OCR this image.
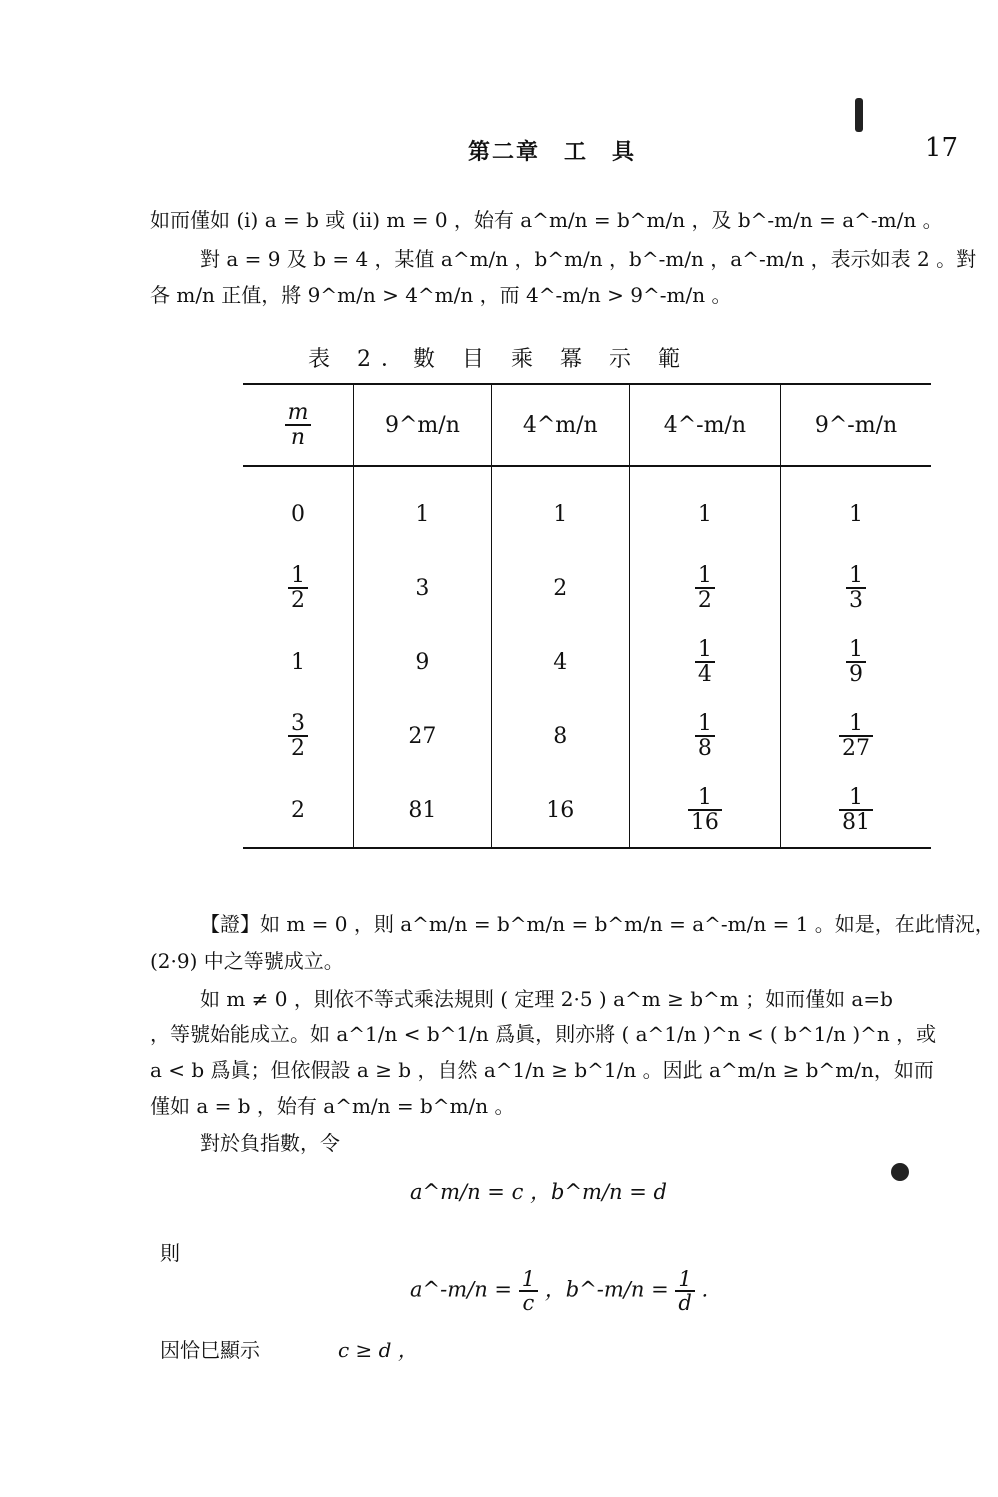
第二章　工　具	17
如而僅如 (i) a = b 或 (ii) m = 0 ，始有 a^m/n = b^m/n ，及 b^-m/n = a^-m/n 。
對 a = 9 及 b = 4 ，某值 a^m/n ，b^m/n ，b^-m/n ，a^-m/n ，表示如表 2 。對
各 m/n 正值，將 9^m/n > 4^m/n ，而 4^-m/n > 9^-m/n 。
表 2．數 目 乘 冪 示 範
$\frac{m}{n}$	9^m/n	4^m/n	4^-m/n	9^-m/n
0	1	1	1	1

$\frac{1}{2}$	3	2	$\frac{1}{2}$	$\frac{1}{3}$

1	9	4	$\frac{1}{4}$	$\frac{1}{9}$

$\frac{3}{2}$	27	8	$\frac{1}{8}$	$\frac{1}{27}$

2	81	16	$\frac{1}{16}$	$\frac{1}{81}$
【證】如 m = 0 ，則 a^m/n = b^m/n = b^m/n = a^-m/n = 1 。如是，在此情況，
(2·9) 中之等號成立。
如 m ≠ 0 ，則依不等式乘法規則 ( 定理 2·5 ) a^m ≥ b^m ；如而僅如 a=b
，等號始能成立。如 a^1/n < b^1/n 爲眞，則亦將 ( a^1/n )^n < ( b^1/n )^n ，或
a < b 爲眞；但依假設 a ≥ b ，自然 a^1/n ≥ b^1/n 。因此 a^m/n ≥ b^m/n，如而
僅如 a = b ，始有 a^m/n = b^m/n 。
對於負指數，令
a^m/n = c ，b^m/n = d
則
a^-m/n = $\frac{1}{c}$ ，b^-m/n = $\frac{1}{d}$ .
因恰巳顯示	c ≥ d ，
